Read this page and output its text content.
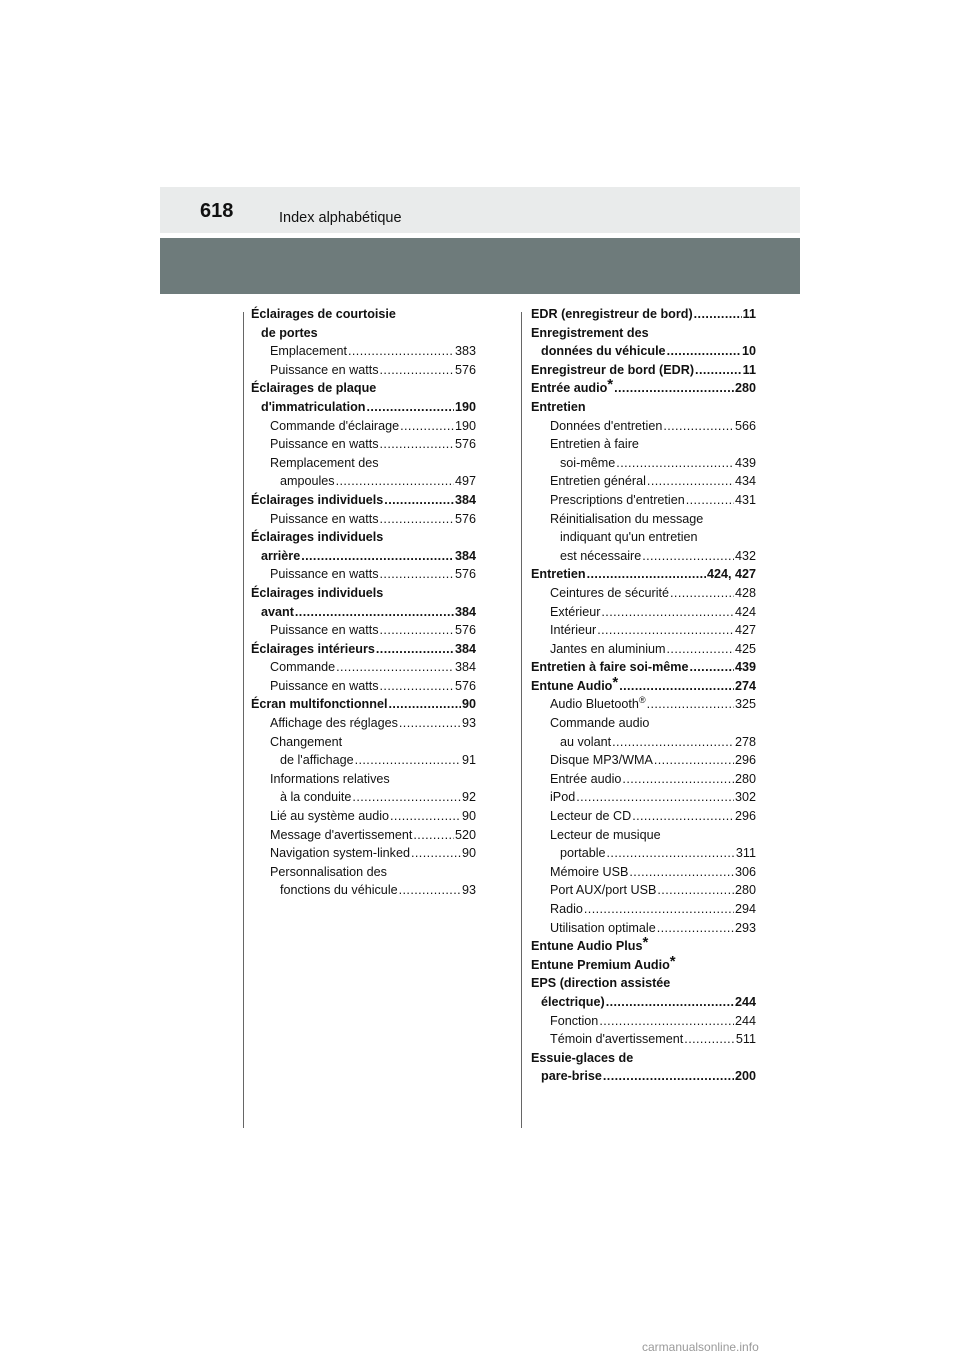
618	Index alphabétique
Éclairages de courtoisie
de portes
Emplacement .....	383
Puissance en watts .....	576
Éclairages de plaque
d'immatriculation .....	190
Commande d'éclairage .....	190
Puissance en watts .....	576
Remplacement des
ampoules .....	497
Éclairages individuels .....	384
Puissance en watts .....	576
Éclairages individuels
arrière .....	384
Puissance en watts .....	576
Éclairages individuels
avant .....	384
Puissance en watts .....	576
Éclairages intérieurs .....	384
Commande .....	384
Puissance en watts .....	576
Écran multifonctionnel .....	90
Affichage des réglages .....	93
Changement
de l'affichage .....	91
Informations relatives
à la conduite .....	92
Lié au système audio .....	90
Message d'avertissement .....	520
Navigation system-linked .....	90
Personnalisation des
fonctions du véhicule .....	93
EDR (enregistreur de bord) .....	11
Enregistrement des
données du véhicule .....	10
Enregistreur de bord (EDR) .....	11
Entrée audio* .....	280
Entretien
Données d'entretien .....	566
Entretien à faire
soi-même .....	439
Entretien général .....	434
Prescriptions d'entretien .....	431
Réinitialisation du message
indiquant qu'un entretien
est nécessaire .....	432
Entretien .....	424, 427
Ceintures de sécurité .....	428
Extérieur .....	424
Intérieur .....	427
Jantes en aluminium .....	425
Entretien à faire soi-même .....	439
Entune Audio* .....	274
Audio Bluetooth® .....	325
Commande audio
au volant .....	278
Disque MP3/WMA .....	296
Entrée audio .....	280
iPod .....	302
Lecteur de CD .....	296
Lecteur de musique
portable .....	311
Mémoire USB .....	306
Port AUX/port USB .....	280
Radio .....	294
Utilisation optimale .....	293
Entune Audio Plus*
Entune Premium Audio*
EPS (direction assistée
électrique) .....	244
Fonction .....	244
Témoin d'avertissement .....	511
Essuie-glaces de
pare-brise .....	200
carmanualsonline.info
